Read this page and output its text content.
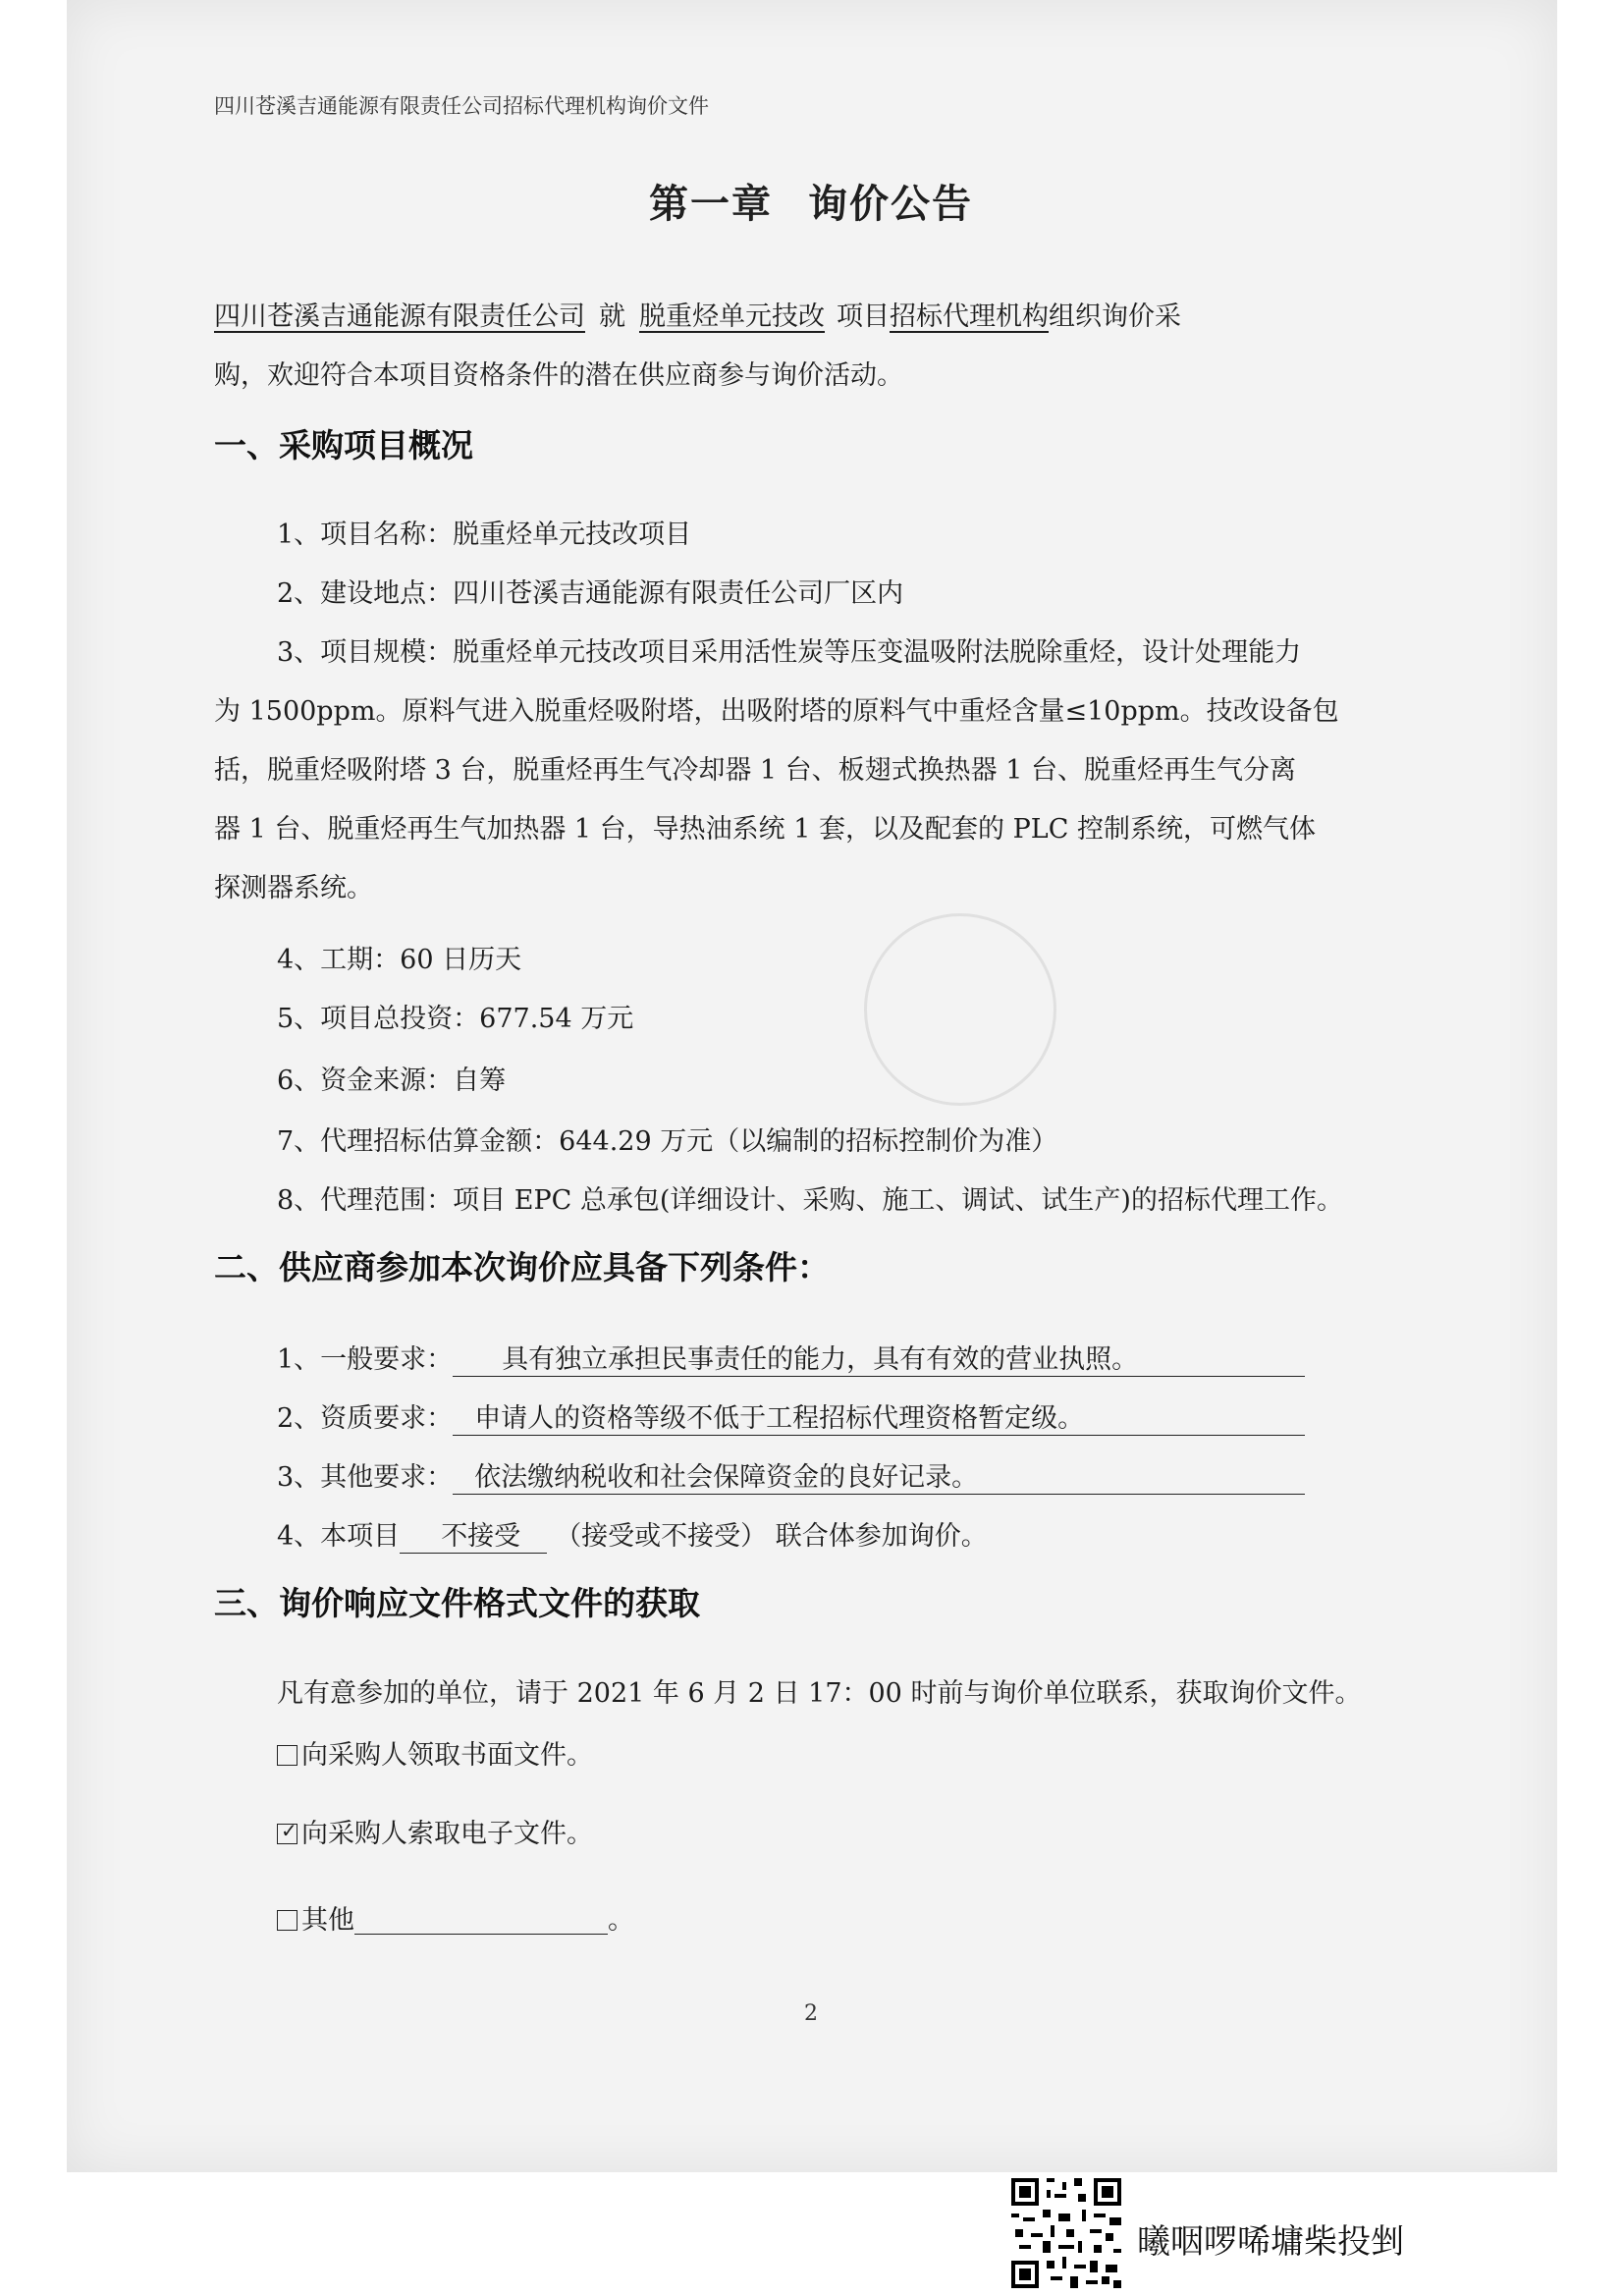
四川苍溪吉通能源有限责任公司招标代理机构询价文件
第一章 询价公告
四川苍溪吉通能源有限责任公司 就 脱重烃单元技改 项目招标代理机构组织询价采
购，欢迎符合本项目资格条件的潜在供应商参与询价活动。
一、采购项目概况
1、项目名称：脱重烃单元技改项目
2、建设地点：四川苍溪吉通能源有限责任公司厂区内
3、项目规模：脱重烃单元技改项目采用活性炭等压变温吸附法脱除重烃，设计处理能力
为 1500ppm。原料气进入脱重烃吸附塔，出吸附塔的原料气中重烃含量≤10ppm。技改设备包
括，脱重烃吸附塔 3 台，脱重烃再生气冷却器 1 台、板翅式换热器 1 台、脱重烃再生气分离
器 1 台、脱重烃再生气加热器 1 台，导热油系统 1 套，以及配套的 PLC 控制系统，可燃气体
探测器系统。
4、工期：60 日历天
5、项目总投资：677.54 万元
6、资金来源：自筹
7、代理招标估算金额：644.29 万元（以编制的招标控制价为准）
8、代理范围：项目 EPC 总承包(详细设计、采购、施工、调试、试生产)的招标代理工作。
二、供应商参加本次询价应具备下列条件：
1、一般要求： 具有独立承担民事责任的能力，具有有效的营业执照。
2、资质要求： 申请人的资格等级不低于工程招标代理资格暂定级。
3、其他要求： 依法缴纳税收和社会保障资金的良好记录。
4、本项目 不接受 （接受或不接受） 联合体参加询价。
三、询价响应文件格式文件的获取
凡有意参加的单位，请于 2021 年 6 月 2 日 17：00 时前与询价单位联系，获取询价文件。
向采购人领取书面文件。
✓ 向采购人索取电子文件。
其他	。
2
曦咽啰唏墉柴投剉
